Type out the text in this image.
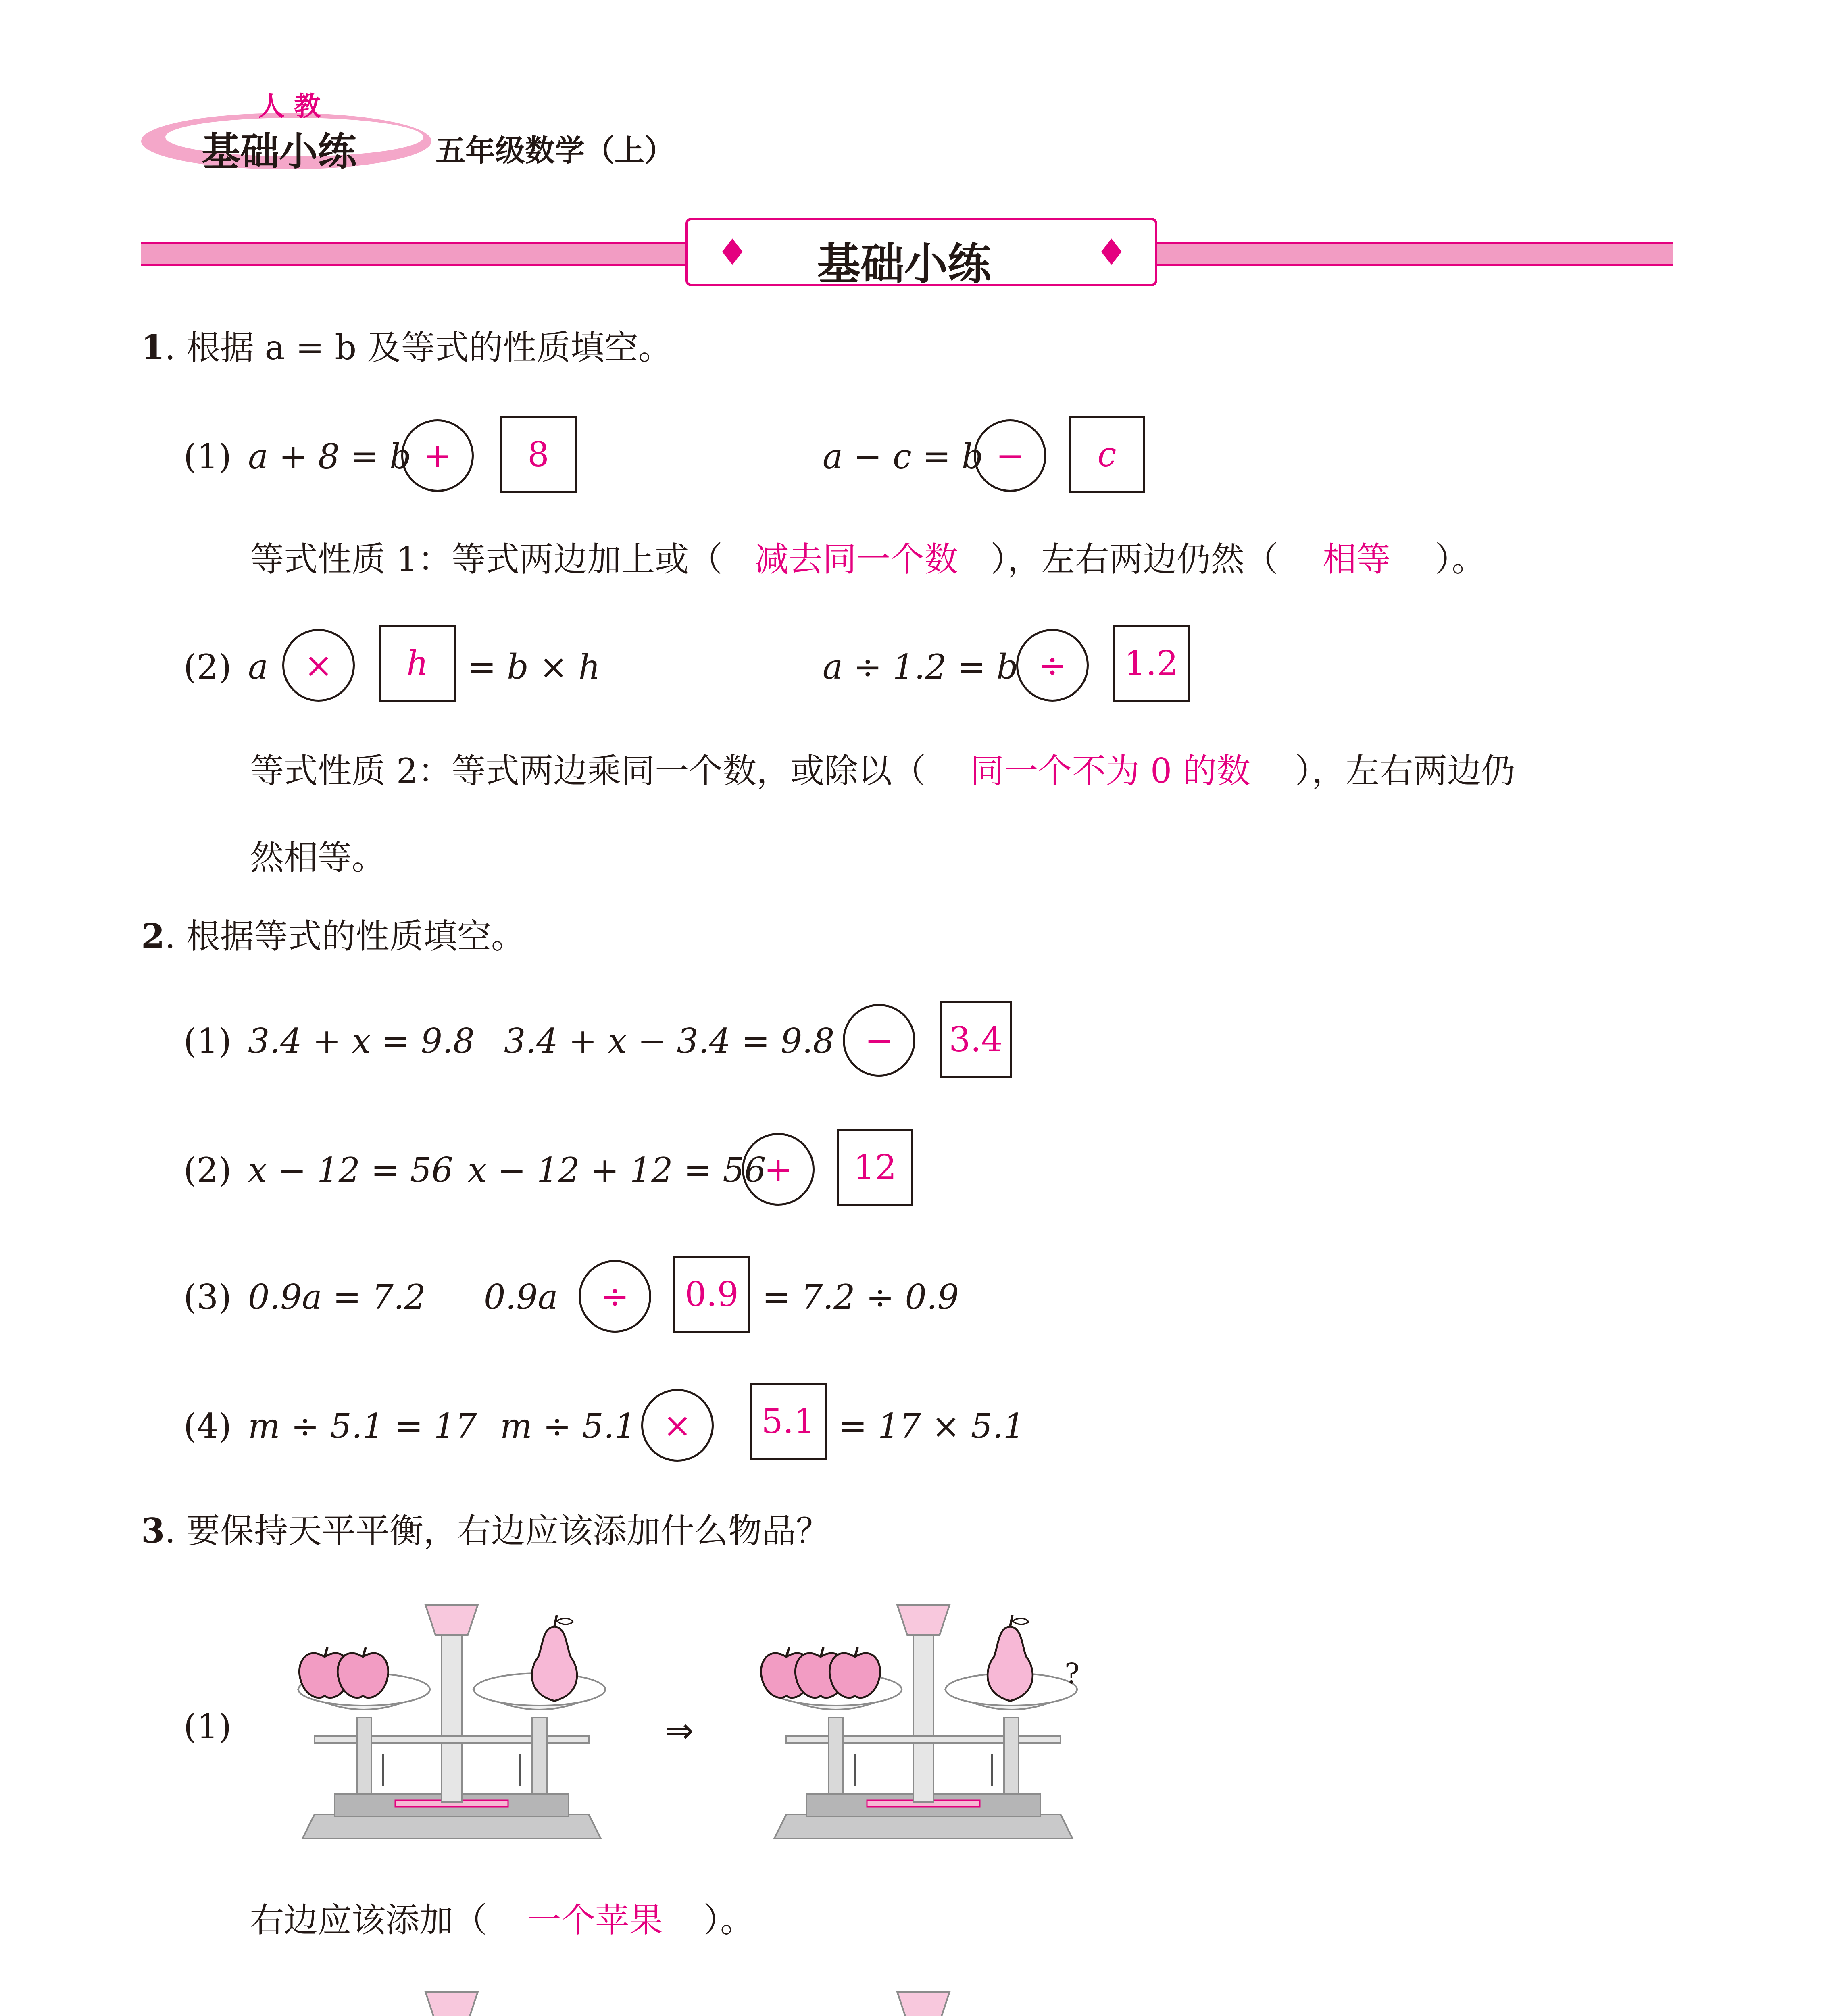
人 教
基础小练	五年级数学（上）
♦ 基础小练	♦
1. 根据 a = b 及等式的性质填空。
(1) a + 8 = b +	8	a − c = b −	c
等式性质 1：等式两边加上或（ 减去同一个数 ），左右两边仍然（ 相等 ）。
(2) a	×	h	= b × h	a ÷ 1.2 = b ÷	1.2
等式性质 2：等式两边乘同一个数，或除以（ 同一个不为 0 的数 ），左右两边仍
然相等。
2. 根据等式的性质填空。
(1) 3.4 + x = 9.8 3.4 + x − 3.4 = 9.8 −	3.4
(2) x − 12 = 56 x − 12 + 12 = 56
+	12
(3) 0.9a = 7.2 0.9a	÷	0.9 = 7.2 ÷ 0.9
(4) m ÷ 5.1 = 17 m ÷ 5.1 ×	5.1 = 17 × 5.1
3. 要保持天平平衡，右边应该添加什么物品？
(1)	⇒
?
右边应该添加（ 一个苹果 ）。
